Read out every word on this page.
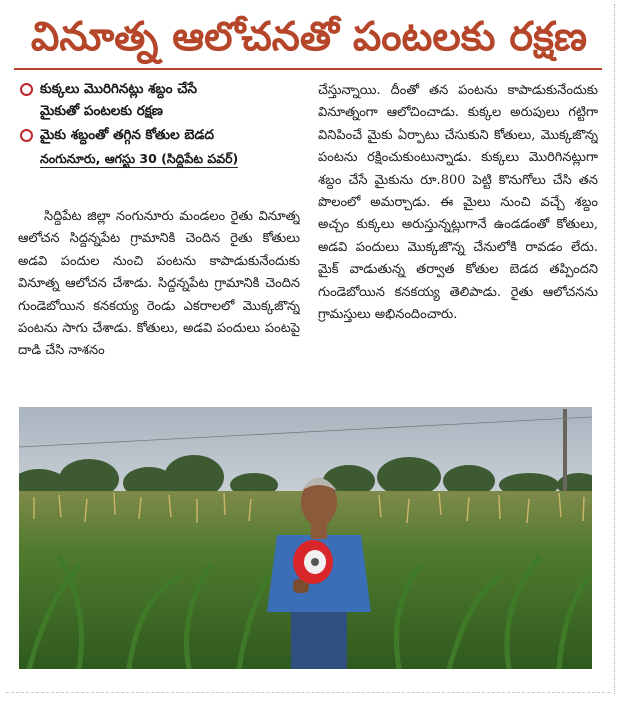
వినూత్న ఆలోచనతో పంటలకు రక్షణ
కుక్కలు మొరిగినట్లు శబ్దం చేసే
మైకుతో పంటలకు రక్షణ
మైకు శబ్దంతో తగ్గిన కోతుల బెడద
నంగునూరు, ఆగస్టు 30 (సిద్దిపేట పవర్)

సిద్దిపేట జిల్లా నంగునూరు మండలం రైతు వినూత్న ఆలోచన సిద్దన్నపేట గ్రామానికి చెందిన రైతు కోతులు అడవి పందుల నుంచి పంటను కాపాడుకునేందుకు వినూత్న ఆలోచన చేశాడు. సిద్దన్నపేట గ్రామానికి చెందిన గుండెబోయిన కనకయ్య రెండు ఎకరాలలో మొక్కజొన్న పంటను సాగు చేశాడు. కోతులు, అడవి పందులు పంటపై దాడి చేసి నాశనం

చేస్తున్నాయి. దీంతో తన పంటను కాపాడుకునేందుకు వినూత్నంగా ఆలోచించాడు. కుక్కల అరుపులు గట్టిగా వినిపించే మైకు ఏర్పాటు చేసుకుని కోతులు, మొక్కజొన్న పంటను రక్షించుకుంటున్నాడు. కుక్కలు మొరిగినట్లుగా శబ్దం చేసే మైకును రూ.800 పెట్టి కొనుగోలు చేసి తన పొలంలో అమర్చాడు. ఈ మైలు నుంచి వచ్చే శబ్దం అచ్చం కుక్కలు అరుస్తున్నట్లుగానే ఉండడంతో కోతులు, అడవి పందులు మొక్కజొన్న చేనులోకి రావడం లేదు. మైక్ వాడుతున్న తర్వాత కోతుల బెడద తప్పిందని గుండెబోయిన కనకయ్య తెలిపాడు. రైతు ఆలోచనను గ్రామస్తులు అభినందించారు.
